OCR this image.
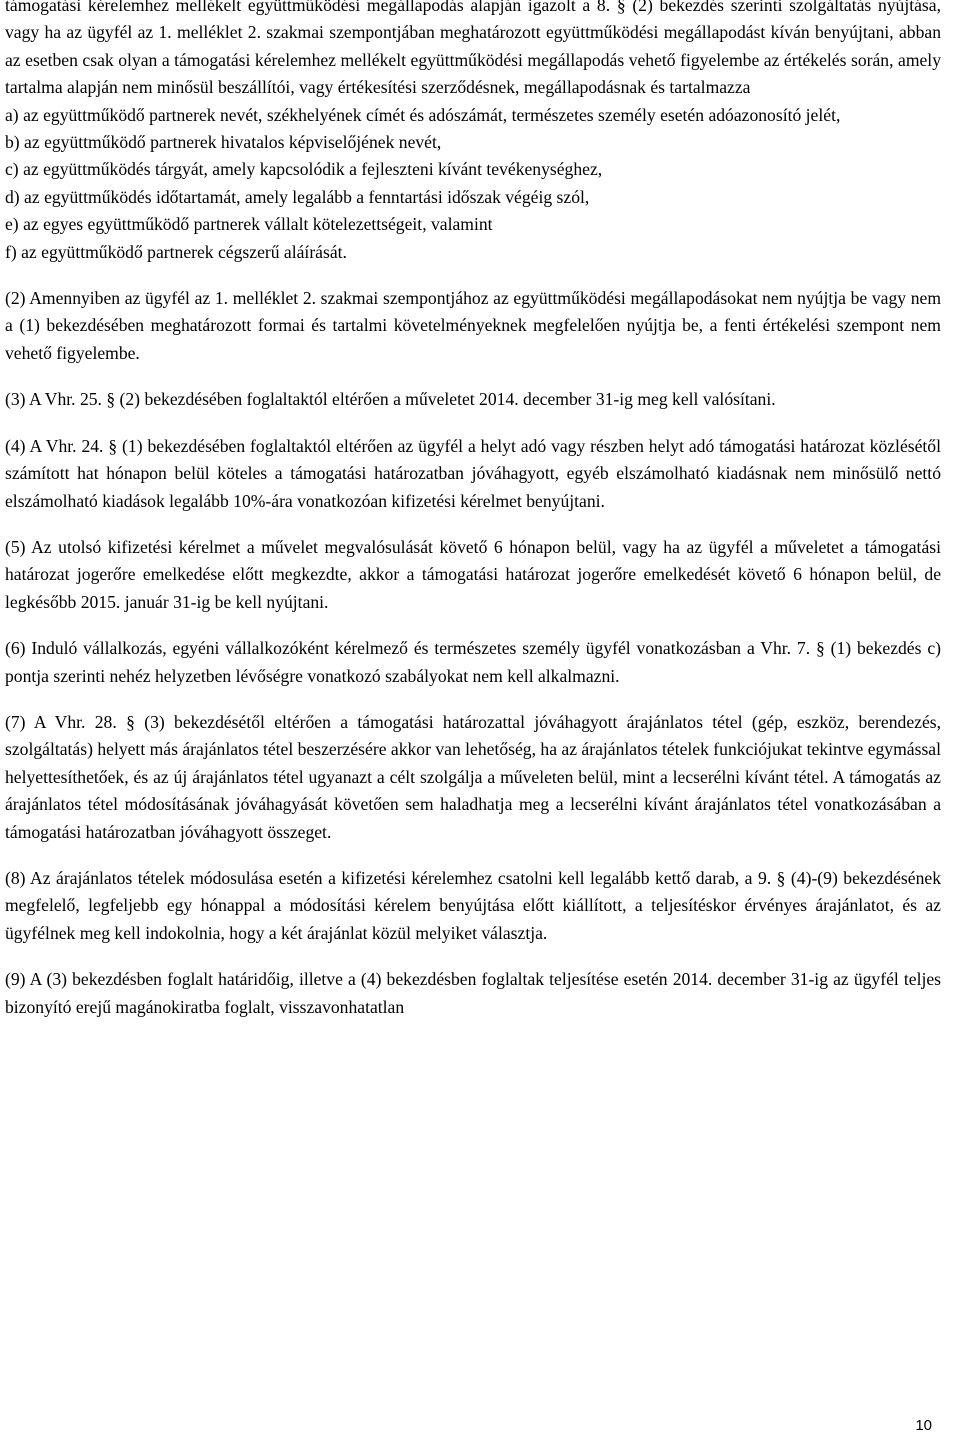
támogatási kérelemhez mellékelt együttműködési megállapodás alapján igazolt a 8. § (2) bekezdés szerinti szolgáltatás nyújtása, vagy ha az ügyfél az 1. melléklet 2. szakmai szempontjában meghatározott együttműködési megállapodást kíván benyújtani, abban az esetben csak olyan a támogatási kérelemhez mellékelt együttműködési megállapodás vehető figyelembe az értékelés során, amely tartalma alapján nem minősül beszállítói, vagy értékesítési szerződésnek, megállapodásnak és tartalmazza

a) az együttműködő partnerek nevét, székhelyének címét és adószámát, természetes személy esetén adóazonosító jelét,

b) az együttműködő partnerek hivatalos képviselőjének nevét,

c) az együttműködés tárgyát, amely kapcsolódik a fejleszteni kívánt tevékenységhez,

d) az együttműködés időtartamát, amely legalább a fenntartási időszak végéig szól,

e) az egyes együttműködő partnerek vállalt kötelezettségeit, valamint

f) az együttműködő partnerek cégszerű aláírását.

(2) Amennyiben az ügyfél az 1. melléklet 2. szakmai szempontjához az együttműködési megállapodásokat nem nyújtja be vagy nem a (1) bekezdésében meghatározott formai és tartalmi követelményeknek megfelelően nyújtja be, a fenti értékelési szempont nem vehető figyelembe.

(3) A Vhr. 25. § (2) bekezdésében foglaltaktól eltérően a műveletet 2014. december 31-ig meg kell valósítani.

(4) A Vhr. 24. § (1) bekezdésében foglaltaktól eltérően az ügyfél a helyt adó vagy részben helyt adó támogatási határozat közlésétől számított hat hónapon belül köteles a támogatási határozatban jóváhagyott, egyéb elszámolható kiadásnak nem minősülő nettó elszámolható kiadások legalább 10%-ára vonatkozóan kifizetési kérelmet benyújtani.

(5) Az utolsó kifizetési kérelmet a művelet megvalósulását követő 6 hónapon belül, vagy ha az ügyfél a műveletet a támogatási határozat jogerőre emelkedése előtt megkezdte, akkor a támogatási határozat jogerőre emelkedését követő 6 hónapon belül, de legkésőbb 2015. január 31-ig be kell nyújtani.

(6) Induló vállalkozás, egyéni vállalkozóként kérelmező és természetes személy ügyfél vonatkozásban a Vhr. 7. § (1) bekezdés c) pontja szerinti nehéz helyzetben lévőségre vonatkozó szabályokat nem kell alkalmazni.

(7) A Vhr. 28. § (3) bekezdésétől eltérően a támogatási határozattal jóváhagyott árajánlatos tétel (gép, eszköz, berendezés, szolgáltatás) helyett más árajánlatos tétel beszerzésére akkor van lehetőség, ha az árajánlatos tételek funkciójukat tekintve egymással helyettesíthetőek, és az új árajánlatos tétel ugyanazt a célt szolgálja a műveleten belül, mint a lecserélni kívánt tétel. A támogatás az árajánlatos tétel módosításának jóváhagyását követően sem haladhatja meg a lecserélni kívánt árajánlatos tétel vonatkozásában a támogatási határozatban jóváhagyott összeget.

(8) Az árajánlatos tételek módosulása esetén a kifizetési kérelemhez csatolni kell legalább kettő darab, a 9. § (4)-(9) bekezdésének megfelelő, legfeljebb egy hónappal a módosítási kérelem benyújtása előtt kiállított, a teljesítéskor érvényes árajánlatot, és az ügyfélnek meg kell indokolnia, hogy a két árajánlat közül melyiket választja.

(9) A (3) bekezdésben foglalt határidőig, illetve a (4) bekezdésben foglaltak teljesítése esetén 2014. december 31-ig az ügyfél teljes bizonyító erejű magánokiratba foglalt, visszavonhatatlan

10
